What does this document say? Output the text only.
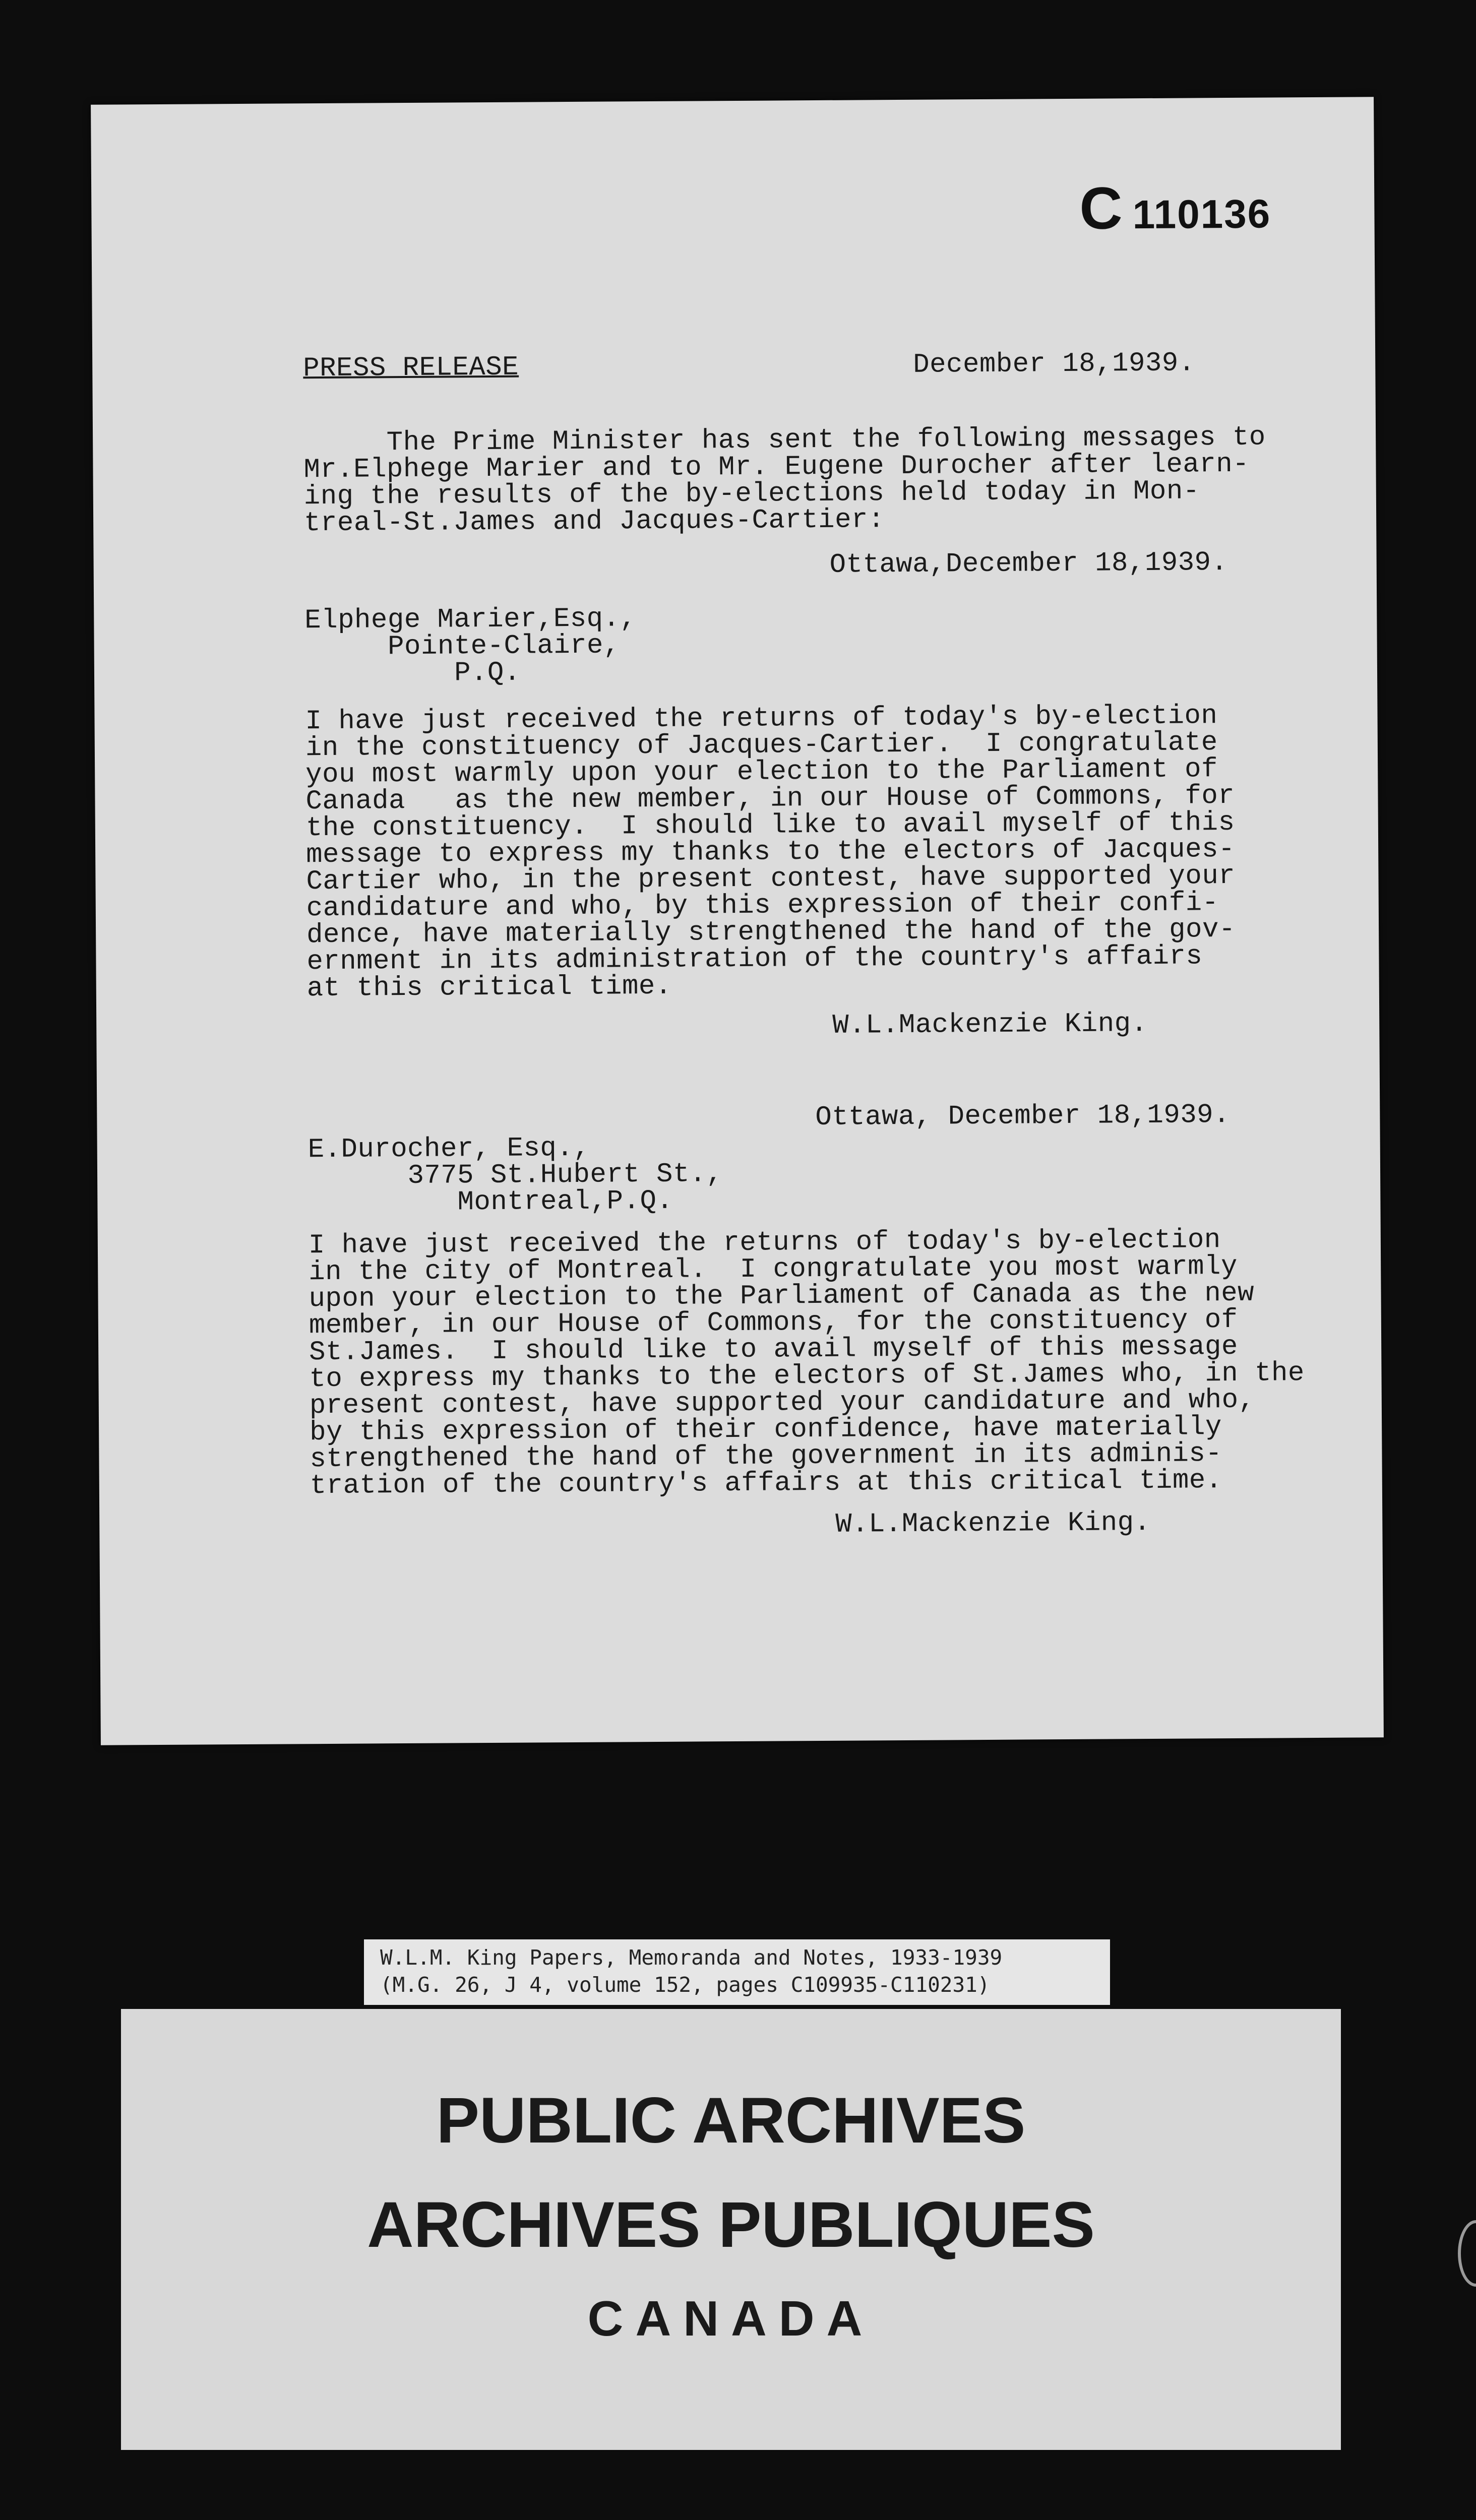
C 110136
PRESS RELEASE	December 18,1939.
The Prime Minister has sent the following messages to
Mr.Elphege Marier and to Mr. Eugene Durocher after learn-
ing the results of the by-elections held today in Mon-
treal-St.James and Jacques-Cartier:
Ottawa,December 18,1939.
Elphege Marier,Esq.,
Pointe-Claire,
P.Q.
I have just received the returns of today's by-election
in the constituency of Jacques-Cartier.  I congratulate
you most warmly upon your election to the Parliament of
Canada   as the new member, in our House of Commons, for
the constituency.  I should like to avail myself of this
message to express my thanks to the electors of Jacques-
Cartier who, in the present contest, have supported your
candidature and who, by this expression of their confi-
dence, have materially strengthened the hand of the gov-
ernment in its administration of the country's affairs
at this critical time.
W.L.Mackenzie King.
Ottawa, December 18,1939.
E.Durocher, Esq.,
3775 St.Hubert St.,
Montreal,P.Q.
I have just received the returns of today's by-election
in the city of Montreal.  I congratulate you most warmly
upon your election to the Parliament of Canada as the new
member, in our House of Commons, for the constituency of
St.James.  I should like to avail myself of this message
to express my thanks to the electors of St.James who, in the
present contest, have supported your candidature and who,
by this expression of their confidence, have materially
strengthened the hand of the government in its adminis-
tration of the country's affairs at this critical time.
W.L.Mackenzie King.
W.L.M. King Papers, Memoranda and Notes, 1933-1939
(M.G. 26, J 4, volume 152, pages C109935-C110231)
PUBLIC ARCHIVES
ARCHIVES PUBLIQUES
CANADA
